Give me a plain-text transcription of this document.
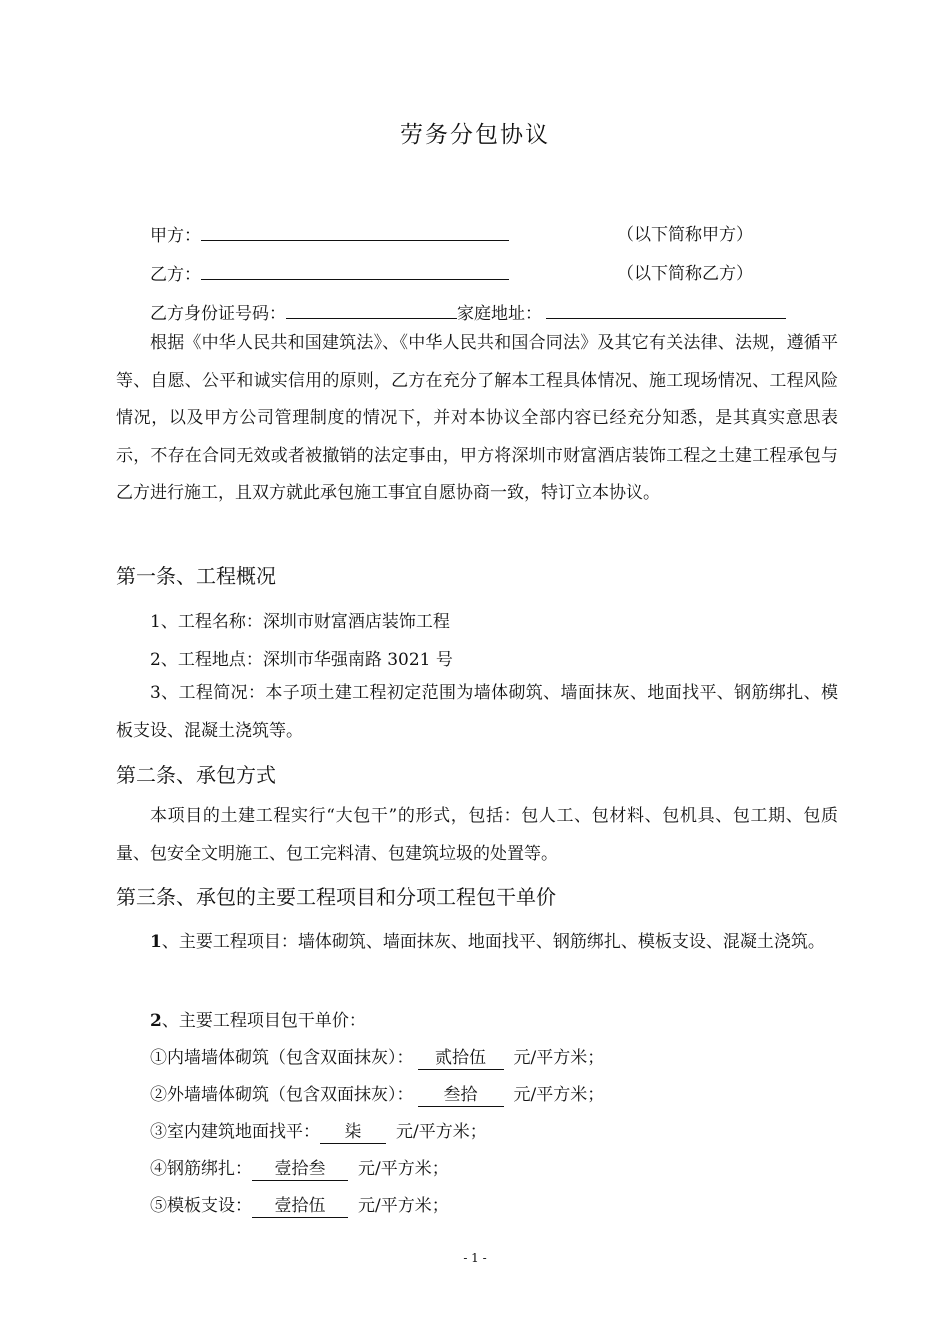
劳务分包协议
甲方：	（以下简称甲方）
乙方：	（以下简称乙方）
乙方身份证号码：	家庭地址：
根据《中华人民共和国建筑法》、《中华人民共和国合同法》及其它有关法律、法规，遵循平等、自愿、公平和诚实信用的原则，乙方在充分了解本工程具体情况、施工现场情况、工程风险情况，以及甲方公司管理制度的情况下，并对本协议全部内容已经充分知悉，是其真实意思表示，不存在合同无效或者被撤销的法定事由，甲方将深圳市财富酒店装饰工程之土建工程承包与乙方进行施工，且双方就此承包施工事宜自愿协商一致，特订立本协议。
第一条、工程概况
1、工程名称：深圳市财富酒店装饰工程
2、工程地点：深圳市华强南路 3021 号
3、工程简况：本子项土建工程初定范围为墙体砌筑、墙面抹灰、地面找平、钢筋绑扎、模板支设、混凝土浇筑等。
第二条、承包方式
本项目的土建工程实行“大包干”的形式，包括：包人工、包材料、包机具、包工期、包质量、包安全文明施工、包工完料清、包建筑垃圾的处置等。
第三条、承包的主要工程项目和分项工程包干单价
1、主要工程项目：墙体砌筑、墙面抹灰、地面找平、钢筋绑扎、模板支设、混凝土浇筑。
2、主要工程项目包干单价：
①内墙墙体砌筑（包含双面抹灰）： 贰拾伍 元/平方米；
②外墙墙体砌筑（包含双面抹灰）： 叁拾 元/平方米；
③室内建筑地面找平： 柒 元/平方米；
④钢筋绑扎： 壹拾叁 元/平方米；
⑤模板支设： 壹拾伍 元/平方米；
- 1 -
